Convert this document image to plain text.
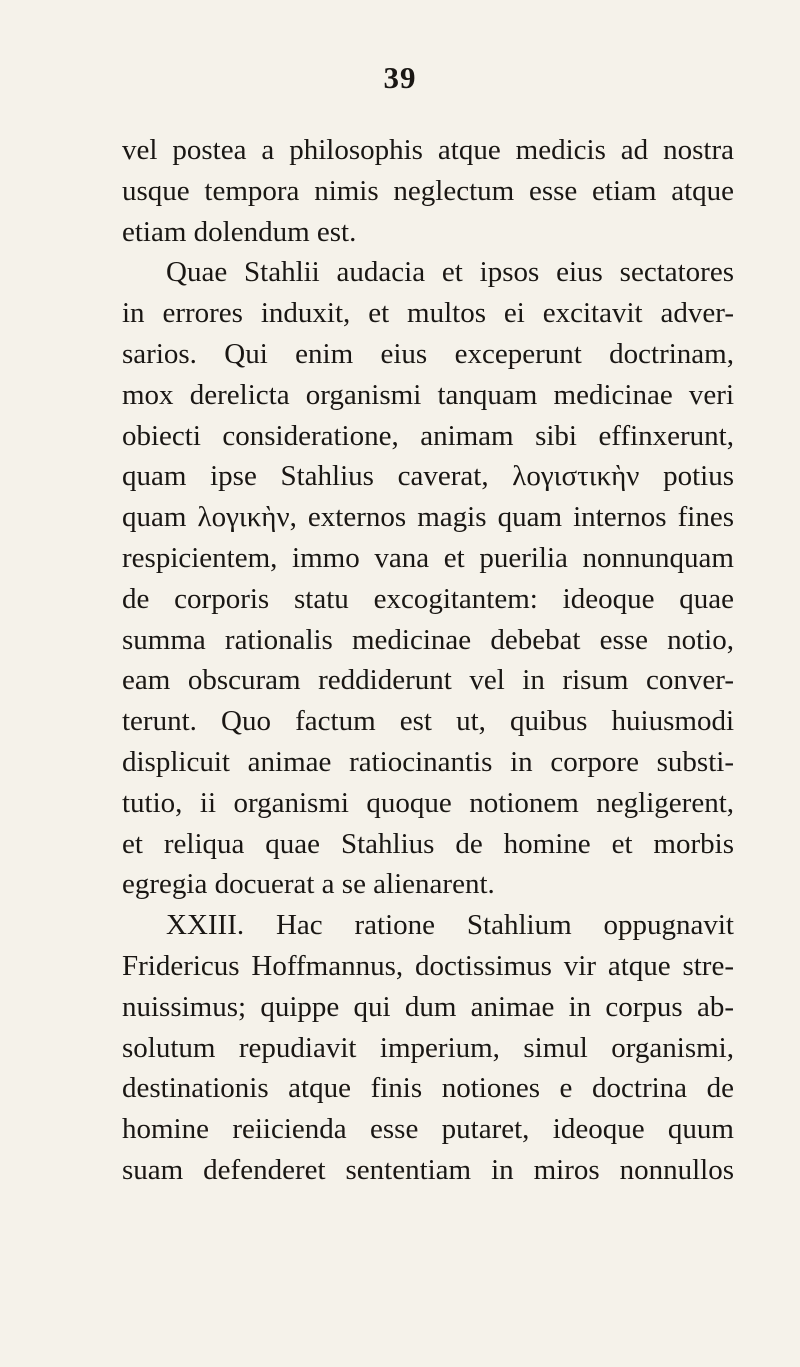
39
vel postea a philosophis atque medicis ad nostra
usque tempora nimis neglectum esse etiam atque
etiam dolendum est.
Quae Stahlii audacia et ipsos eius sectatores
in errores induxit, et multos ei excitavit adver-
sarios. Qui enim eius exceperunt doctrinam,
mox derelicta organismi tanquam medicinae veri
obiecti consideratione, animam sibi effinxerunt,
quam ipse Stahlius caverat, λογιστικὴν potius
quam λογικὴν, externos magis quam internos fines
respicientem, immo vana et puerilia nonnunquam
de corporis statu excogitantem: ideoque quae
summa rationalis medicinae debebat esse notio,
eam obscuram reddiderunt vel in risum conver-
terunt. Quo factum est ut, quibus huiusmodi
displicuit animae ratiocinantis in corpore substi-
tutio, ii organismi quoque notionem negligerent,
et reliqua quae Stahlius de homine et morbis
egregia docuerat a se alienarent.
XXIII. Hac ratione Stahlium oppugnavit
Fridericus Hoffmannus, doctissimus vir atque stre-
nuissimus; quippe qui dum animae in corpus ab-
solutum repudiavit imperium, simul organismi,
destinationis atque finis notiones e doctrina de
homine reiicienda esse putaret, ideoque quum
suam defenderet sententiam in miros nonnullos
